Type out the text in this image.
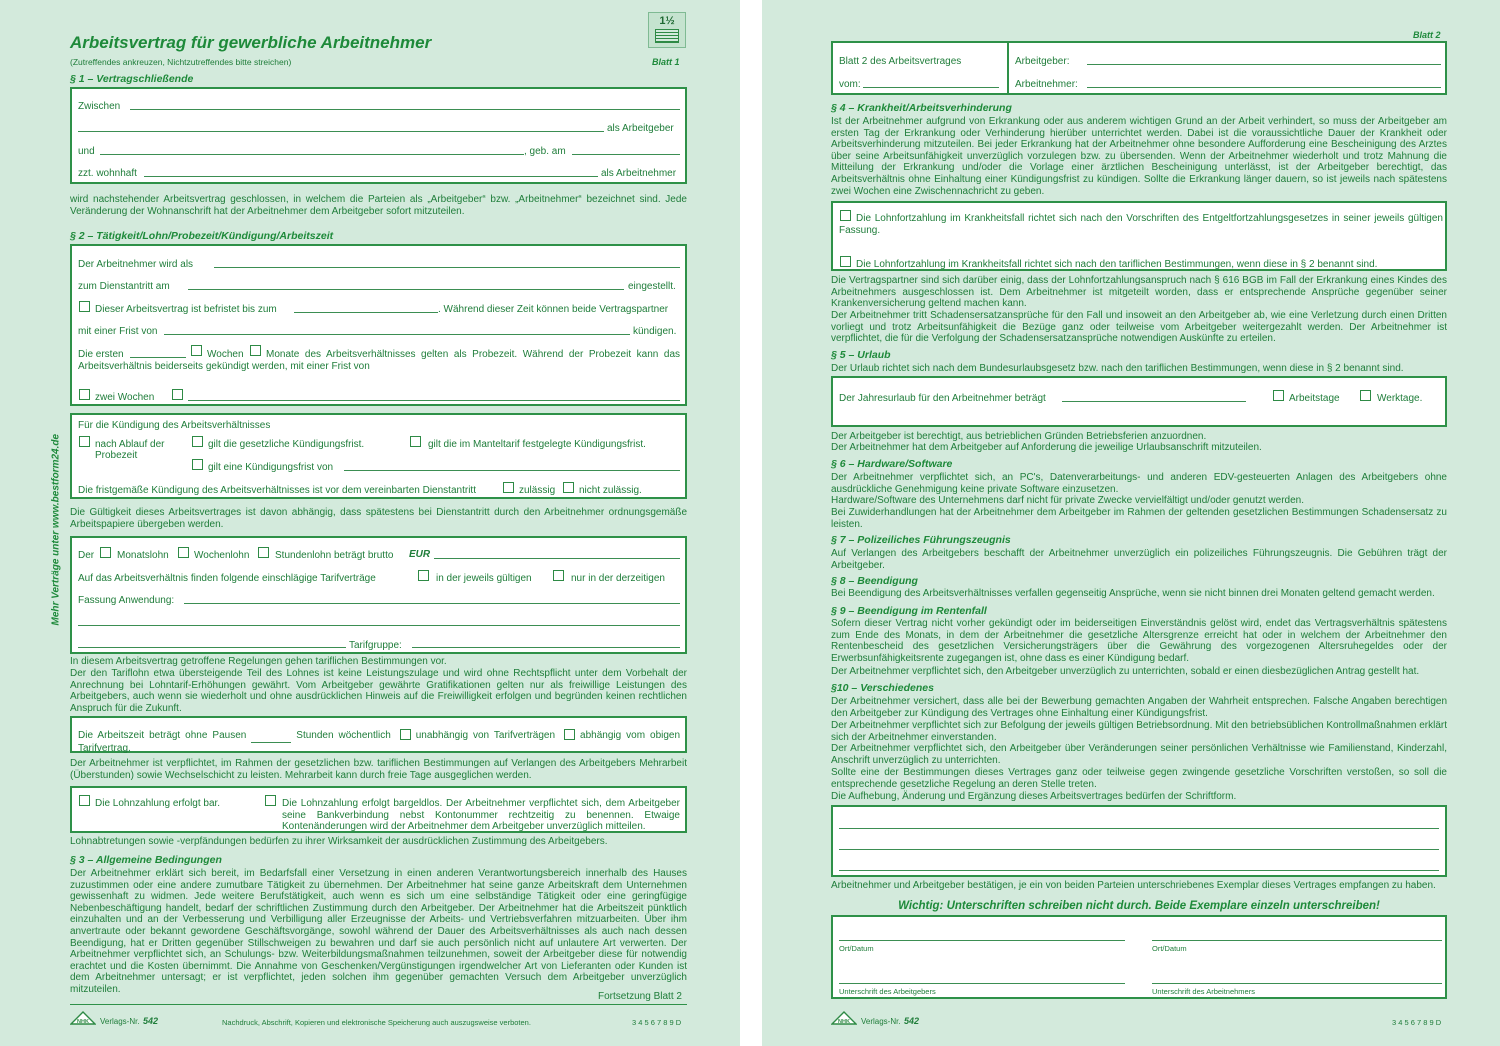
Arbeitsvertrag für gewerbliche Arbeitnehmer
(Zutreffendes ankreuzen, Nichtzutreffendes bitte streichen)	Blatt 1
1½
Mehr Verträge unter www.bestform24.de
§ 1 – Vertragschließende
Zwischen
als Arbeitgeber
und	, geb. am
zzt. wohnhaft	als Arbeitnehmer
wird nachstehender Arbeitsvertrag geschlossen, in welchem die Parteien als „Arbeitgeber“ bzw. „Arbeitnehmer“ bezeichnet sind. Jede Veränderung der Wohnanschrift hat der Arbeitnehmer dem Arbeitgeber sofort mitzuteilen.
§ 2 – Tätigkeit/Lohn/Probezeit/Kündigung/Arbeitszeit
Der Arbeitnehmer wird als
zum Dienstantritt am	eingestellt.
Dieser Arbeitsvertrag ist befristet bis zum	. Während dieser Zeit können beide Vertragspartner
mit einer Frist von	kündigen.
Die ersten	Wochen	Monate des Arbeitsverhältnisses gelten als Probezeit. Während der Probezeit kann das Arbeitsverhältnis beiderseits gekündigt werden, mit einer Frist von
zwei Wochen
Für die Kündigung des Arbeitsverhältnisses
nach Ablauf der Probezeit
gilt die gesetzliche Kündigungsfrist.	gilt die im Manteltarif festgelegte Kündigungsfrist.
gilt eine Kündigungsfrist von
Die fristgemäße Kündigung des Arbeitsverhältnisses ist vor dem vereinbarten Dienstantritt	zulässig nicht zulässig.
Die Gültigkeit dieses Arbeitsvertrages ist davon abhängig, dass spätestens bei Dienstantritt durch den Arbeitnehmer ordnungsgemäße Arbeitspapiere übergeben werden.
Der Monatslohn	Wochenlohn	Stundenlohn beträgt brutto EUR
Auf das Arbeitsverhältnis finden folgende einschlägige Tarifverträge	in der jeweils gültigen	nur in der derzeitigen
Fassung Anwendung:
Tarifgruppe:
In diesem Arbeitsvertrag getroffene Regelungen gehen tariflichen Bestimmungen vor.
Der den Tariflohn etwa übersteigende Teil des Lohnes ist keine Leistungszulage und wird ohne Rechtspflicht unter dem Vorbehalt der Anrechnung bei Lohntarif-Erhöhungen gewährt. Vom Arbeitgeber gewährte Gratifikationen gelten nur als freiwillige Leistungen des Arbeitgebers, auch wenn sie wiederholt und ohne ausdrücklichen Hinweis auf die Freiwilligkeit erfolgen und begründen keinen rechtlichen Anspruch für die Zukunft.
Die Arbeitszeit beträgt ohne Pausen	Stunden wöchentlich unabhängig von Tarifverträgen abhängig vom obigen Tarifvertrag.
Der Arbeitnehmer ist verpflichtet, im Rahmen der gesetzlichen bzw. tariflichen Bestimmungen auf Verlangen des Arbeitgebers Mehrarbeit (Überstunden) sowie Wechselschicht zu leisten. Mehrarbeit kann durch freie Tage ausgeglichen werden.
Die Lohnzahlung erfolgt bar.	Die Lohnzahlung erfolgt bargeldlos. Der Arbeitnehmer verpflichtet sich, dem Arbeitgeber seine Bankverbindung nebst Kontonummer rechtzeitig zu benennen. Etwaige Kontenänderungen wird der Arbeitnehmer dem Arbeitgeber unverzüglich mitteilen.
Lohnabtretungen sowie -verpfändungen bedürfen zu ihrer Wirksamkeit der ausdrücklichen Zustimmung des Arbeitgebers.
§ 3 – Allgemeine Bedingungen
Der Arbeitnehmer erklärt sich bereit, im Bedarfsfall einer Versetzung in einen anderen Verantwortungsbereich innerhalb des Hauses zuzustimmen oder eine andere zumutbare Tätigkeit zu übernehmen. Der Arbeitnehmer hat seine ganze Arbeitskraft dem Unternehmen gewissenhaft zu widmen. Jede weitere Berufstätigkeit, auch wenn es sich um eine selbständige Tätigkeit oder eine geringfügige Nebenbeschäftigung handelt, bedarf der schriftlichen Zustimmung durch den Arbeitgeber. Der Arbeitnehmer hat die Arbeitszeit pünktlich einzuhalten und an der Verbesserung und Verbilligung aller Erzeugnisse der Arbeits- und Vertriebsverfahren mitzuarbeiten. Über ihm anvertraute oder bekannt gewordene Geschäftsvorgänge, sowohl während der Dauer des Arbeitsverhältnisses als auch nach dessen Beendigung, hat er Dritten gegenüber Stillschweigen zu bewahren und darf sie auch persönlich nicht auf unlautere Art verwerten. Der Arbeitnehmer verpflichtet sich, an Schulungs- bzw. Weiterbildungsmaßnahmen teilzunehmen, soweit der Arbeitgeber diese für notwendig erachtet und die Kosten übernimmt. Die Annahme von Geschenken/Vergünstigungen irgendwelcher Art von Lieferanten oder Kunden ist dem Arbeitnehmer untersagt; er ist verpflichtet, jeden solchen ihm gegenüber gemachten Versuch dem Arbeitgeber unverzüglich mitzuteilen.
Fortsetzung Blatt 2
NHK Verlags-Nr. 542	Nachdruck, Abschrift, Kopieren und elektronische Speicherung auch auszugsweise verboten.	3 4 5 6 7 8 9 D
Blatt 2
Blatt 2 des Arbeitsvertrages
vom:
Arbeitgeber:
Arbeitnehmer:
§ 4 – Krankheit/Arbeitsverhinderung
Ist der Arbeitnehmer aufgrund von Erkrankung oder aus anderem wichtigen Grund an der Arbeit verhindert, so muss der Arbeitgeber am ersten Tag der Erkrankung oder Verhinderung hierüber unterrichtet werden. Dabei ist die voraussichtliche Dauer der Krankheit oder Arbeitsverhinderung mitzuteilen. Bei jeder Erkrankung hat der Arbeitnehmer ohne besondere Aufforderung eine Bescheinigung des Arztes über seine Arbeitsunfähigkeit unverzüglich vorzulegen bzw. zu übersenden. Wenn der Arbeitnehmer wiederholt und trotz Mahnung die Mitteilung der Erkrankung und/oder die Vorlage einer ärztlichen Bescheinigung unterlässt, ist der Arbeitgeber berechtigt, das Arbeitsverhältnis ohne Einhaltung einer Kündigungsfrist zu kündigen. Sollte die Erkrankung länger dauern, so ist jeweils nach spätestens zwei Wochen eine Zwischennachricht zu geben.
Die Lohnfortzahlung im Krankheitsfall richtet sich nach den Vorschriften des Entgeltfortzahlungsgesetzes in seiner jeweils gültigen Fassung.
Die Lohnfortzahlung im Krankheitsfall richtet sich nach den tariflichen Bestimmungen, wenn diese in § 2 benannt sind.
Die Vertragspartner sind sich darüber einig, dass der Lohnfortzahlungsanspruch nach § 616 BGB im Fall der Erkrankung eines Kindes des Arbeitnehmers ausgeschlossen ist. Dem Arbeitnehmer ist mitgeteilt worden, dass er entsprechende Ansprüche gegenüber seiner Krankenversicherung geltend machen kann.
Der Arbeitnehmer tritt Schadensersatzansprüche für den Fall und insoweit an den Arbeitgeber ab, wie eine Verletzung durch einen Dritten vorliegt und trotz Arbeitsunfähigkeit die Bezüge ganz oder teilweise vom Arbeitgeber weitergezahlt werden. Der Arbeitnehmer ist verpflichtet, die für die Verfolgung der Schadensersatzansprüche notwendigen Auskünfte zu erteilen.
§ 5 – Urlaub
Der Urlaub richtet sich nach dem Bundesurlaubsgesetz bzw. nach den tariflichen Bestimmungen, wenn diese in § 2 benannt sind.
Der Jahresurlaub für den Arbeitnehmer beträgt	Arbeitstage	Werktage.
Der Arbeitgeber ist berechtigt, aus betrieblichen Gründen Betriebsferien anzuordnen.
Der Arbeitnehmer hat dem Arbeitgeber auf Anforderung die jeweilige Urlaubsanschrift mitzuteilen.
§ 6 – Hardware/Software
Der Arbeitnehmer verpflichtet sich, an PC's, Datenverarbeitungs- und anderen EDV-gesteuerten Anlagen des Arbeitgebers ohne ausdrückliche Genehmigung keine private Software einzusetzen.
Hardware/Software des Unternehmens darf nicht für private Zwecke vervielfältigt und/oder genutzt werden.
Bei Zuwiderhandlungen hat der Arbeitnehmer dem Arbeitgeber im Rahmen der geltenden gesetzlichen Bestimmungen Schadensersatz zu leisten.
§ 7 – Polizeiliches Führungszeugnis
Auf Verlangen des Arbeitgebers beschafft der Arbeitnehmer unverzüglich ein polizeiliches Führungszeugnis. Die Gebühren trägt der Arbeitgeber.
§ 8 – Beendigung
Bei Beendigung des Arbeitsverhältnisses verfallen gegenseitig Ansprüche, wenn sie nicht binnen drei Monaten geltend gemacht werden.
§ 9 – Beendigung im Rentenfall
Sofern dieser Vertrag nicht vorher gekündigt oder im beiderseitigen Einverständnis gelöst wird, endet das Vertragsverhältnis spätestens zum Ende des Monats, in dem der Arbeitnehmer die gesetzliche Altersgrenze erreicht hat oder in welchem der Arbeitnehmer den Rentenbescheid des gesetzlichen Versicherungsträgers über die Gewährung des vorgezogenen Altersruhegeldes oder der Erwerbsunfähigkeitsrente zugegangen ist, ohne dass es einer Kündigung bedarf.
Der Arbeitnehmer verpflichtet sich, den Arbeitgeber unverzüglich zu unterrichten, sobald er einen diesbezüglichen Antrag gestellt hat.
§10 – Verschiedenes
Der Arbeitnehmer versichert, dass alle bei der Bewerbung gemachten Angaben der Wahrheit entsprechen. Falsche Angaben berechtigen den Arbeitgeber zur Kündigung des Vertrages ohne Einhaltung einer Kündigungsfrist.
Der Arbeitnehmer verpflichtet sich zur Befolgung der jeweils gültigen Betriebsordnung. Mit den betriebsüblichen Kontrollmaßnahmen erklärt sich der Arbeitnehmer einverstanden.
Der Arbeitnehmer verpflichtet sich, den Arbeitgeber über Veränderungen seiner persönlichen Verhältnisse wie Familienstand, Kinderzahl, Anschrift unverzüglich zu unterrichten.
Sollte eine der Bestimmungen dieses Vertrages ganz oder teilweise gegen zwingende gesetzliche Vorschriften verstoßen, so soll die entsprechende gesetzliche Regelung an deren Stelle treten.
Die Aufhebung, Änderung und Ergänzung dieses Arbeitsvertrages bedürfen der Schriftform.
Arbeitnehmer und Arbeitgeber bestätigen, je ein von beiden Parteien unterschriebenes Exemplar dieses Vertrages empfangen zu haben.
Wichtig: Unterschriften schreiben nicht durch. Beide Exemplare einzeln unterschreiben!
Ort/Datum	Ort/Datum
Unterschrift des Arbeitgebers	Unterschrift des Arbeitnehmers
NHK Verlags-Nr. 542	3 4 5 6 7 8 9 D
